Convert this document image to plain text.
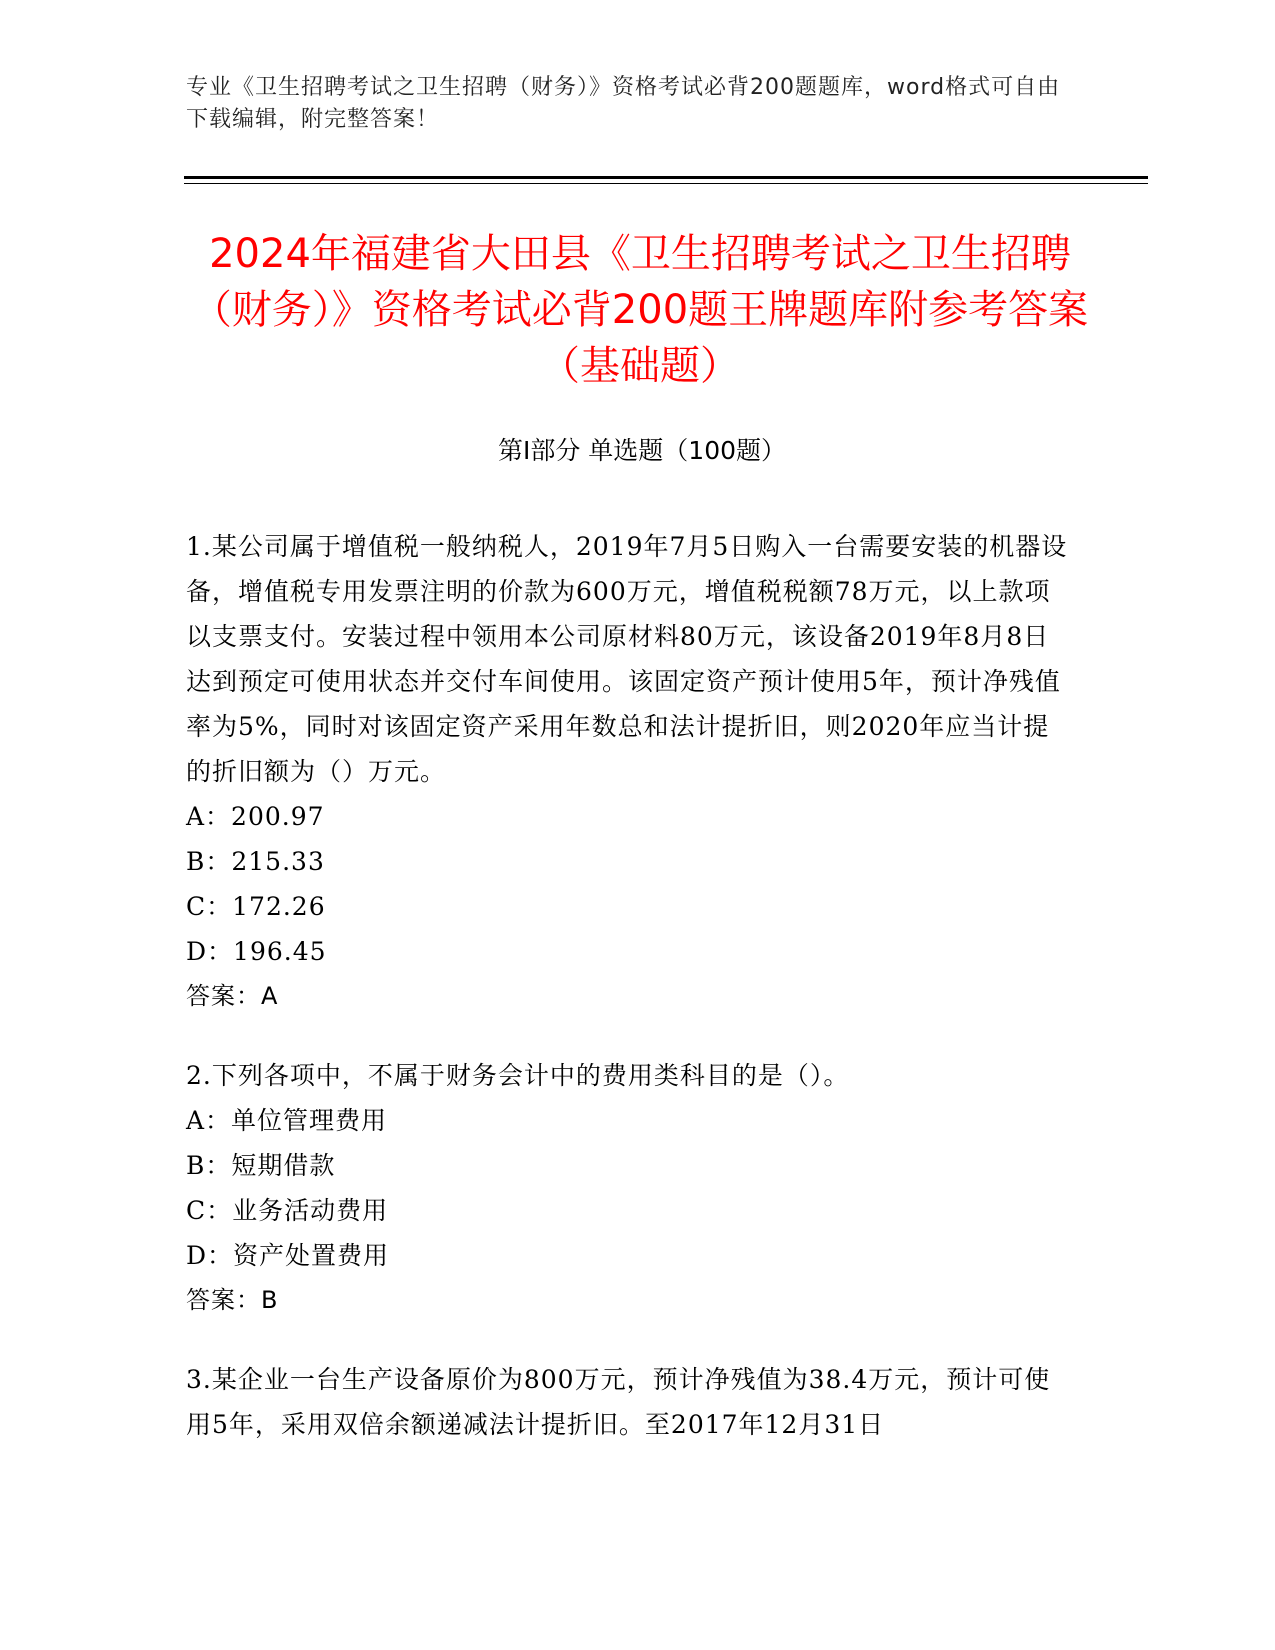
专业《卫生招聘考试之卫生招聘（财务）》资格考试必背200题题库，word格式可自由下载编辑，附完整答案！
2024年福建省大田县《卫生招聘考试之卫生招聘（财务）》资格考试必背200题王牌题库附参考答案（基础题）
第Ⅰ部分 单选题（100题）

1.某公司属于增值税一般纳税人，2019年7月5日购入一台需要安装的机器设备，增值税专用发票注明的价款为600万元，增值税税额78万元，以上款项以支票支付。安装过程中领用本公司原材料80万元，该设备2019年8月8日达到预定可使用状态并交付车间使用。该固定资产预计使用5年，预计净残值率为5%，同时对该固定资产采用年数总和法计提折旧，则2020年应当计提的折旧额为（）万元。

A：200.97

B：215.33

C：172.26

D：196.45

答案：A

2.下列各项中，不属于财务会计中的费用类科目的是（）。

A：单位管理费用

B：短期借款

C：业务活动费用

D：资产处置费用

答案：B

3.某企业一台生产设备原价为800万元，预计净残值为38.4万元，预计可使用5年，采用双倍余额递减法计提折旧。至2017年12月31日
